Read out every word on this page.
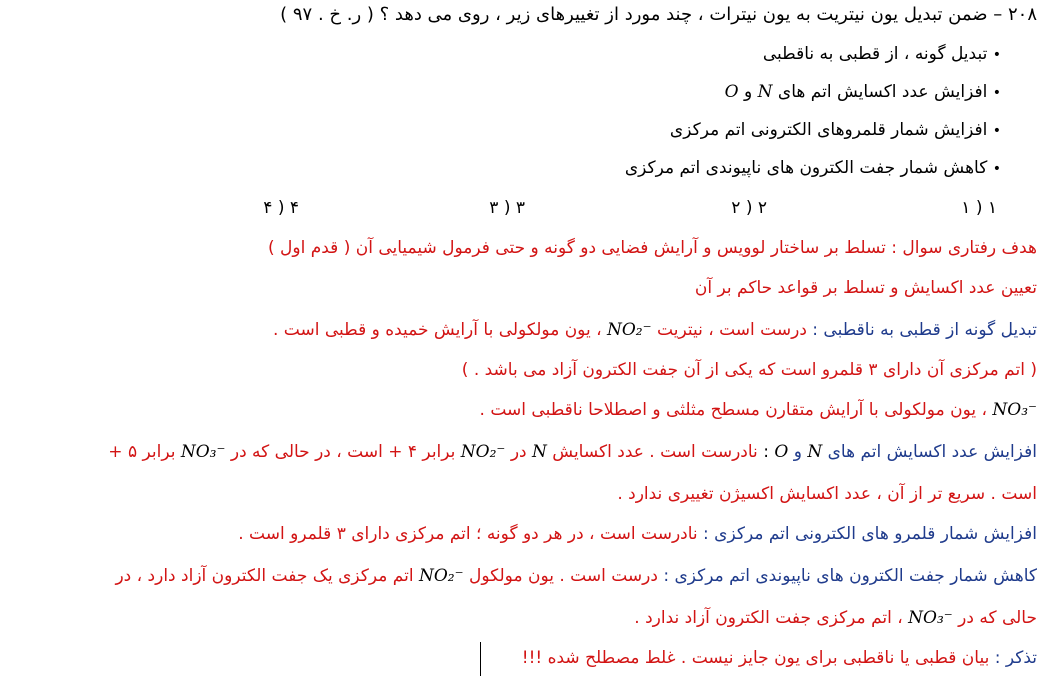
۲۰۸ – ضمن تبدیل یون نیتریت به یون نیترات ، چند مورد از تغییرهای زیر ، روی می دهد ؟ ( ر. خ . ۹۷ )
• تبدیل گونه ، از قطبی به ناقطبی
• افزایش عدد اکسایش اتم های N و O
• افزایش شمار قلمروهای الکترونی اتم مرکزی
• کاهش شمار جفت الکترون های ناپیوندی اتم مرکزی
۱ ) ۱
۲ ) ۲
۳ ) ۳
۴ ) ۴
هدف رفتاری سوال : تسلط بر ساختار لوویس و آرایش فضایی دو گونه و حتی فرمول شیمیایی آن ( قدم اول )
تعیین عدد اکسایش و تسلط بر قواعد حاکم بر آن
تبدیل گونه از قطبی به ناقطبی : درست است ، نیتریت NO₂⁻ ، یون مولکولی با آرایش خمیده و قطبی است .
( اتم مرکزی آن دارای ۳ قلمرو است که یکی از آن جفت الکترون آزاد می باشد . )
NO₃⁻ ، یون مولکولی با آرایش متقارن مسطح مثلثی و اصطلاحا ناقطبی است .
افزایش عدد اکسایش اتم های N و O : نادرست است . عدد اکسایش N در NO₂⁻ برابر ۴ + است ، در حالی که در NO₃⁻ برابر ۵ +
است . سریع تر از آن ، عدد اکسایش اکسیژن تغییری ندارد .
افزایش شمار قلمرو های الکترونی اتم مرکزی : نادرست است ، در هر دو گونه ؛ اتم مرکزی دارای ۳ قلمرو است .
کاهش شمار جفت الکترون های ناپیوندی اتم مرکزی : درست است . یون مولکول NO₂⁻ اتم مرکزی یک جفت الکترون آزاد دارد ، در
حالی که در NO₃⁻ ، اتم مرکزی جفت الکترون آزاد ندارد .
تذکر : بیان قطبی یا ناقطبی برای یون جایز نیست . غلط مصطلح شده !!!
